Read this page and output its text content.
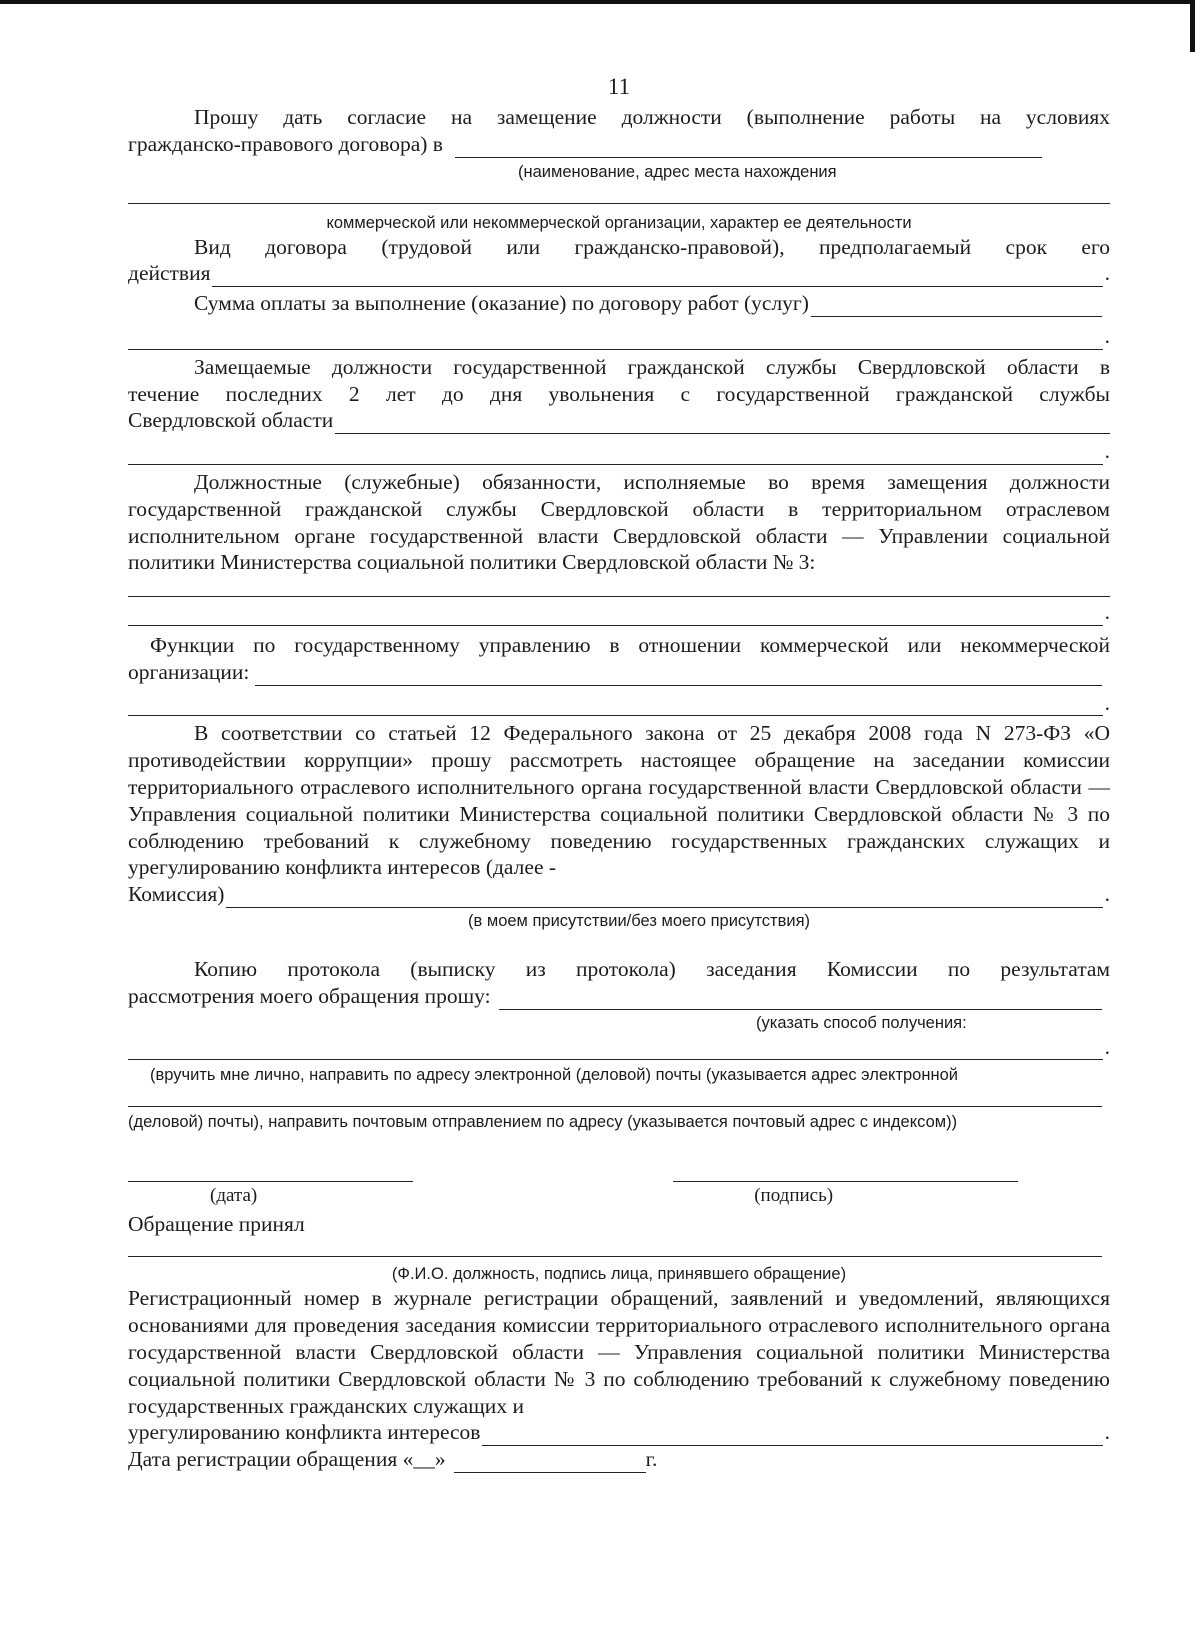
11

Прошу дать согласие на замещение должности (выполнение работы на условиях

гражданско-правового договора) в
(наименование, адрес места нахождения
коммерческой или некоммерческой организации, характер ее деятельности

Вид договора (трудовой или гражданско-правовой), предполагаемый срок его

действия	.
Сумма оплаты за выполнение (оказание) по договору работ (услуг)
.

Замещаемые должности государственной гражданской службы Свердловской области в

течение последних 2 лет до дня увольнения с государственной гражданской службы

Свердловской области
.

Должностные (служебные) обязанности, исполняемые во время замещения должности государственной гражданской службы Свердловской области в территориальном отраслевом исполнительном органе государственной власти Свердловской области — Управлении социальной политики Министерства социальной политики Свердловской области № 3:

.

Функции по государственному управлению в отношении коммерческой или некоммерческой

организации:
.

В соответствии со статьей 12 Федерального закона от 25 декабря 2008 года N 273-ФЗ «О противодействии коррупции» прошу рассмотреть настоящее обращение на заседании комиссии территориального отраслевого исполнительного органа государственной власти Свердловской области — Управления социальной политики Министерства социальной политики Свердловской области № 3 по соблюдению требований к служебному поведению государственных гражданских служащих и урегулированию конфликта интересов (далее -

Комиссия)	.
(в моем присутствии/без моего присутствия)

Копию протокола (выписку из протокола) заседания Комиссии по результатам

рассмотрения моего обращения прошу:
(указать способ получения:
.
(вручить мне лично, направить по адресу электронной (деловой) почты (указывается адрес электронной
(деловой) почты), направить почтовым отправлением по адресу (указывается почтовый адрес с индексом))
(дата)	(подпись)
Обращение принял
(Ф.И.О. должность, подпись лица, принявшего обращение)

Регистрационный номер в журнале регистрации обращений, заявлений и уведомлений, являющихся основаниями для проведения заседания комиссии территориального отраслевого исполнительного органа государственной власти Свердловской области — Управления социальной политики Министерства социальной политики Свердловской области № 3 по соблюдению требований к служебному поведению государственных гражданских служащих и

урегулированию конфликта интересов	.
Дата регистрации обращения «__»	г.
